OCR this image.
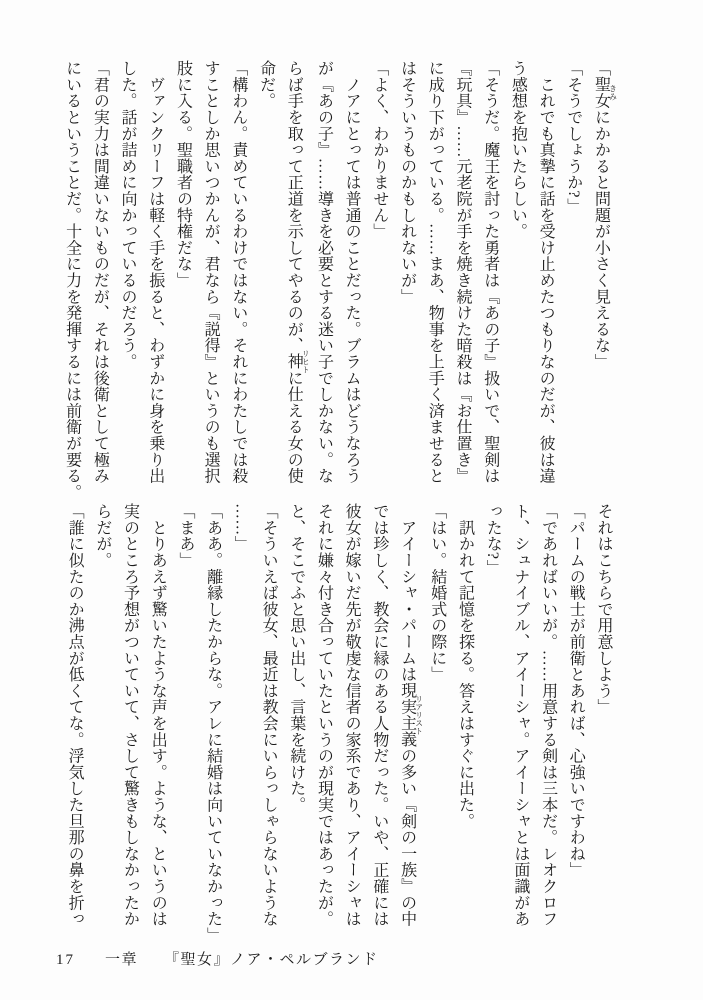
「聖女 きみにかかると問題が小さく見えるな」

「そうでしょうか?」

　これでも真摯に話を受け止めたつもりなのだが、彼は違

う感想を抱いたらしい。

「そうだ。魔王を討った勇者は『あの子』扱いで、聖剣は

『玩具』……元老院が手を焼き続けた暗殺は『お仕置き』

に成り下がっている。……まあ、物事を上手く済ませると

はそういうものかもしれないが」

「よく、わかりません」

　ノアにとっては普通のことだった。ブラムはどうなろう

が『あの子』……導きを必要とする迷い子でしかない。な

らば手を取って正道を示してやるのが、神 リヒトに仕える女の使

命だ。

「構わん。責めているわけではない。それにわたしでは殺

すことしか思いつかんが、君なら『説得』というのも選択

肢に入る。聖職者の特権だな」

　ヴァンクリーフは軽く手を振ると、わずかに身を乗り出

した。話が詰めに向かっているのだろう。

「君の実力は間違いないものだが、それは後衛として極み

にいるということだ。十全に力を発揮するには前衛が要る。

それはこちらで用意しよう」

「パームの戦士が前衛とあれば、心強いですわね」

「であればいいが。……用意する剣は三本だ。レオクロフ

ト、シュナイブル、アイーシャ。アイーシャとは面識があ

ったな?」

　訊かれて記憶を探る。答えはすぐに出た。

「はい。結婚式の際に」

　アイーシャ・パームは現実主義 リアリストの多い『剣の一族』の中

では珍しく、教会に縁のある人物だった。いや、正確には

彼女が嫁いだ先が敬虔な信者の家系であり、アイーシャは

それに嫌々付き合っていたというのが現実ではあったが。

と、そこでふと思い出し、言葉を続けた。

「そういえば彼女、最近は教会にいらっしゃらないような

……」

「ああ。離縁したからな。アレに結婚は向いていなかった」

「まあ」

　とりあえず驚いたような声を出す。ような、というのは

実のところ予想がついていて、さして驚きもしなかったか

らだが。

「誰に似たのか沸点が低くてな。浮気した旦那の鼻を折っ

17 一章 『聖女』ノア・ペルブランド
